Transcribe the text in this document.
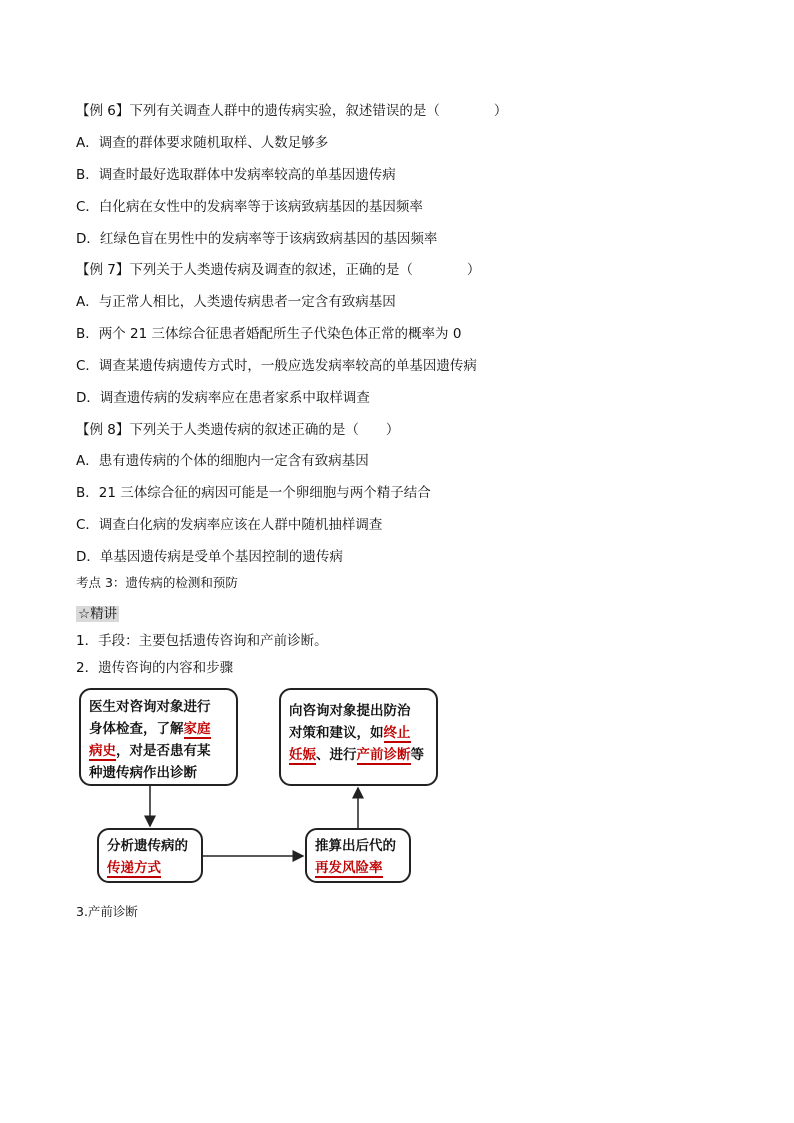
【例 6】下列有关调查人群中的遗传病实验，叙述错误的是（　　　　）
A．调查的群体要求随机取样、人数足够多
B．调查时最好选取群体中发病率较高的单基因遗传病
C．白化病在女性中的发病率等于该病致病基因的基因频率
D．红绿色盲在男性中的发病率等于该病致病基因的基因频率
【例 7】下列关于人类遗传病及调查的叙述，正确的是（　　　　）
A．与正常人相比，人类遗传病患者一定含有致病基因
B．两个 21 三体综合征患者婚配所生子代染色体正常的概率为 0
C．调查某遗传病遗传方式时，一般应选发病率较高的单基因遗传病
D．调查遗传病的发病率应在患者家系中取样调查
【例 8】下列关于人类遗传病的叙述正确的是（　　）
A．患有遗传病的个体的细胞内一定含有致病基因
B．21 三体综合征的病因可能是一个卵细胞与两个精子结合
C．调查白化病的发病率应该在人群中随机抽样调查
D．单基因遗传病是受单个基因控制的遗传病
考点 3：遗传病的检测和预防
☆精讲
1．手段：主要包括遗传咨询和产前诊断。
2．遗传咨询的内容和步骤
医生对咨询对象进行
身体检查，了解家庭
病史，对是否患有某
种遗传病作出诊断
分析遗传病的
传递方式
推算出后代的
再发风险率
向咨询对象提出防治
对策和建议，如终止
妊娠、进行产前诊断等
3.产前诊断
